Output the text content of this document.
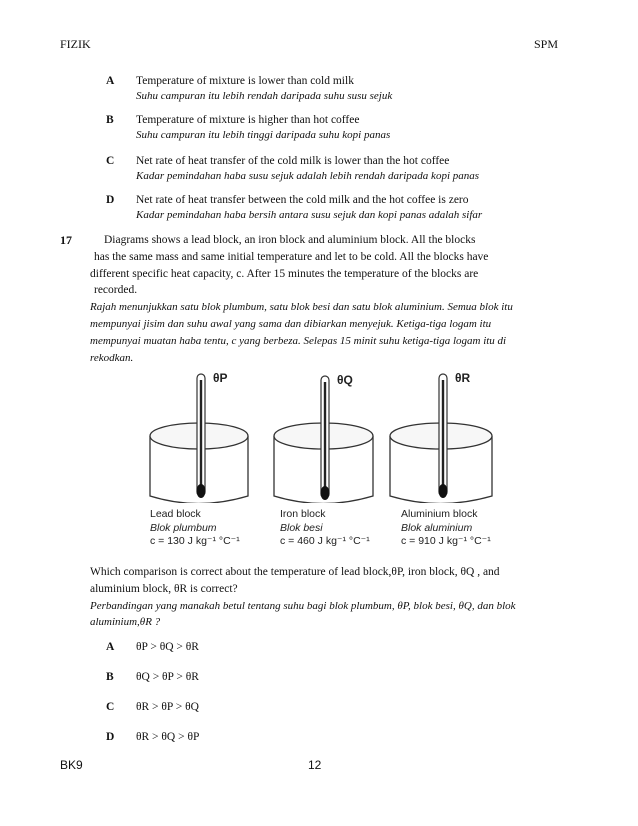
FIZIK	SPM
A Temperature of mixture is lower than cold milk
Suhu campuran itu lebih rendah daripada suhu susu sejuk
B Temperature of mixture is higher than hot coffee
Suhu campuran itu lebih tinggi daripada suhu kopi panas
C Net rate of heat transfer of the cold milk is lower than the hot coffee
Kadar pemindahan haba susu sejuk adalah lebih rendah daripada kopi panas
D Net rate of heat transfer between the cold milk and the hot coffee is zero
Kadar pemindahan haba bersih antara susu sejuk dan kopi panas adalah sifar
17	Diagrams shows a lead block, an iron block and aluminium block. All the blocks
has the same mass and same initial temperature and let to be cold. All the blocks have
different specific heat capacity, c. After 15 minutes the temperature of the blocks are
recorded.
Rajah menunjukkan satu blok plumbum, satu blok besi dan satu blok aluminium. Semua blok itu
mempunyai jisim dan suhu awal yang sama dan dibiarkan menyejuk. Ketiga-tiga logam itu
mempunyai muatan haba tentu, c yang berbeza. Selepas 15 minit suhu ketiga-tiga logam itu di
rekodkan.
θP	θQ	θR
Lead block
Blok plumbum
c = 130 J kg⁻¹ °C⁻¹
Iron block
Blok besi
c = 460 J kg⁻¹ °C⁻¹
Aluminium block
Blok aluminium
c = 910 J kg⁻¹ °C⁻¹
Which comparison is correct about the temperature of lead block,θP, iron block, θQ , and
aluminium block, θR is correct?
Perbandingan yang manakah betul tentang suhu bagi blok plumbum, θP, blok besi, θQ, dan blok
aluminium,θR ?
A θP > θQ > θR
B θQ > θP > θR
C θR > θP > θQ
D θR > θQ > θP
BK9	12
